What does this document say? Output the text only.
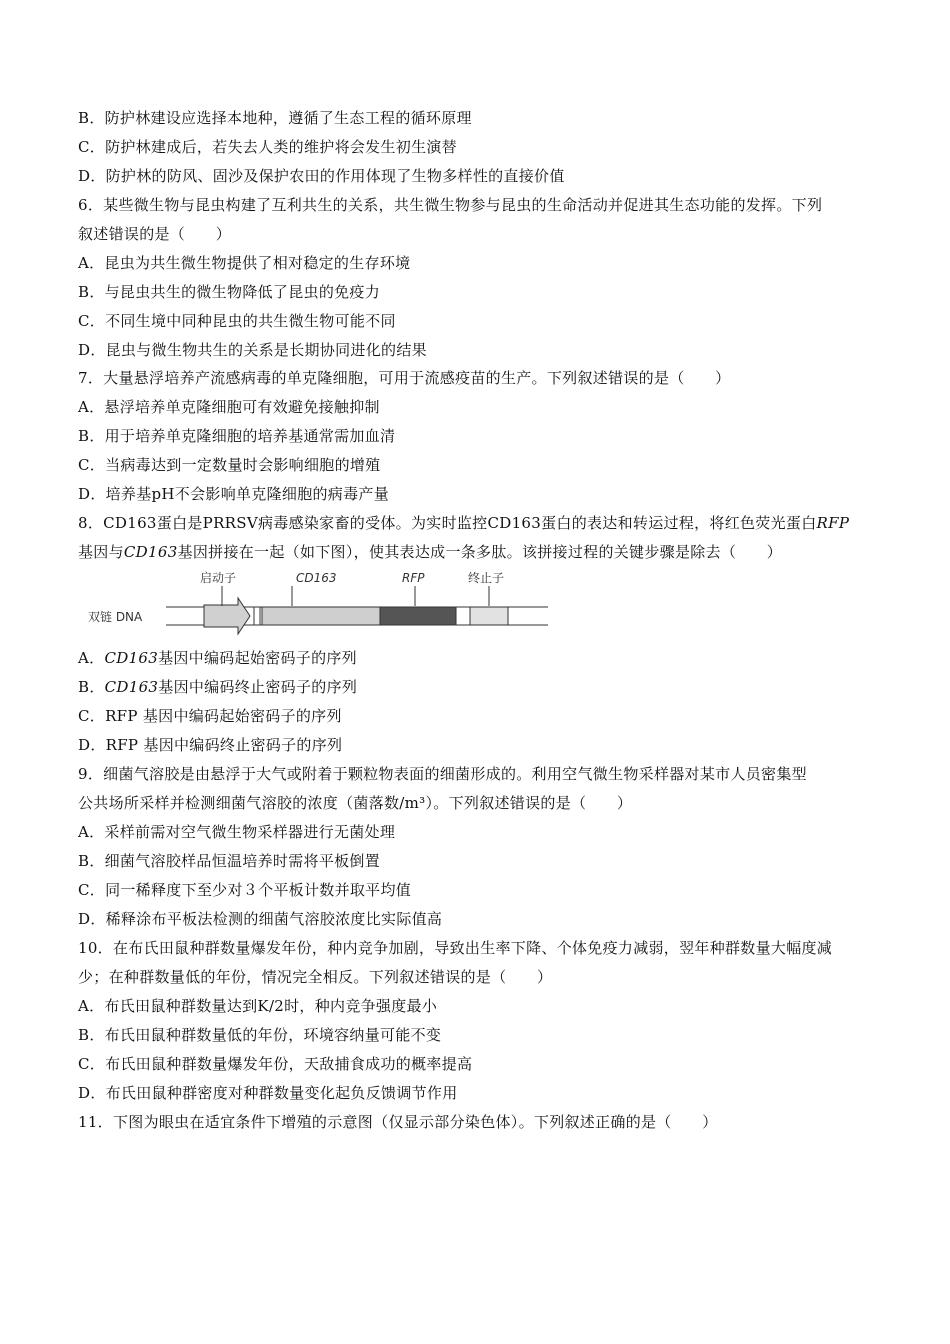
B．防护林建设应选择本地种，遵循了生态工程的循环原理
C．防护林建成后，若失去人类的维护将会发生初生演替
D．防护林的防风、固沙及保护农田的作用体现了生物多样性的直接价值
6．某些微生物与昆虫构建了互利共生的关系，共生微生物参与昆虫的生命活动并促进其生态功能的发挥。下列
叙述错误的是（　　）
A．昆虫为共生微生物提供了相对稳定的生存环境
B．与昆虫共生的微生物降低了昆虫的免疫力
C．不同生境中同种昆虫的共生微生物可能不同
D．昆虫与微生物共生的关系是长期协同进化的结果
7．大量悬浮培养产流感病毒的单克隆细胞，可用于流感疫苗的生产。下列叙述错误的是（　　）
A．悬浮培养单克隆细胞可有效避免接触抑制
B．用于培养单克隆细胞的培养基通常需加血清
C．当病毒达到一定数量时会影响细胞的增殖
D．培养基pH不会影响单克隆细胞的病毒产量
8．CD163蛋白是PRRSV病毒感染家畜的受体。为实时监控CD163蛋白的表达和转运过程，将红色荧光蛋白RFP
基因与CD163基因拼接在一起（如下图），使其表达成一条多肽。该拼接过程的关键步骤是除去（　　）
双链 DNA
启动子	CD163	RFP	终止子
A．CD163基因中编码起始密码子的序列
B．CD163基因中编码终止密码子的序列
C．RFP 基因中编码起始密码子的序列
D．RFP 基因中编码终止密码子的序列
9．细菌气溶胶是由悬浮于大气或附着于颗粒物表面的细菌形成的。利用空气微生物采样器对某市人员密集型
公共场所采样并检测细菌气溶胶的浓度（菌落数/m³）。下列叙述错误的是（　　）
A．采样前需对空气微生物采样器进行无菌处理
B．细菌气溶胶样品恒温培养时需将平板倒置
C．同一稀释度下至少对３个平板计数并取平均值
D．稀释涂布平板法检测的细菌气溶胶浓度比实际值高
10．在布氏田鼠种群数量爆发年份，种内竞争加剧，导致出生率下降、个体免疫力减弱，翌年种群数量大幅度减
少；在种群数量低的年份，情况完全相反。下列叙述错误的是（　　）
A．布氏田鼠种群数量达到K/2时，种内竞争强度最小
B．布氏田鼠种群数量低的年份，环境容纳量可能不变
C．布氏田鼠种群数量爆发年份，天敌捕食成功的概率提高
D．布氏田鼠种群密度对种群数量变化起负反馈调节作用
11．下图为眼虫在适宜条件下增殖的示意图（仅显示部分染色体）。下列叙述正确的是（　　）
